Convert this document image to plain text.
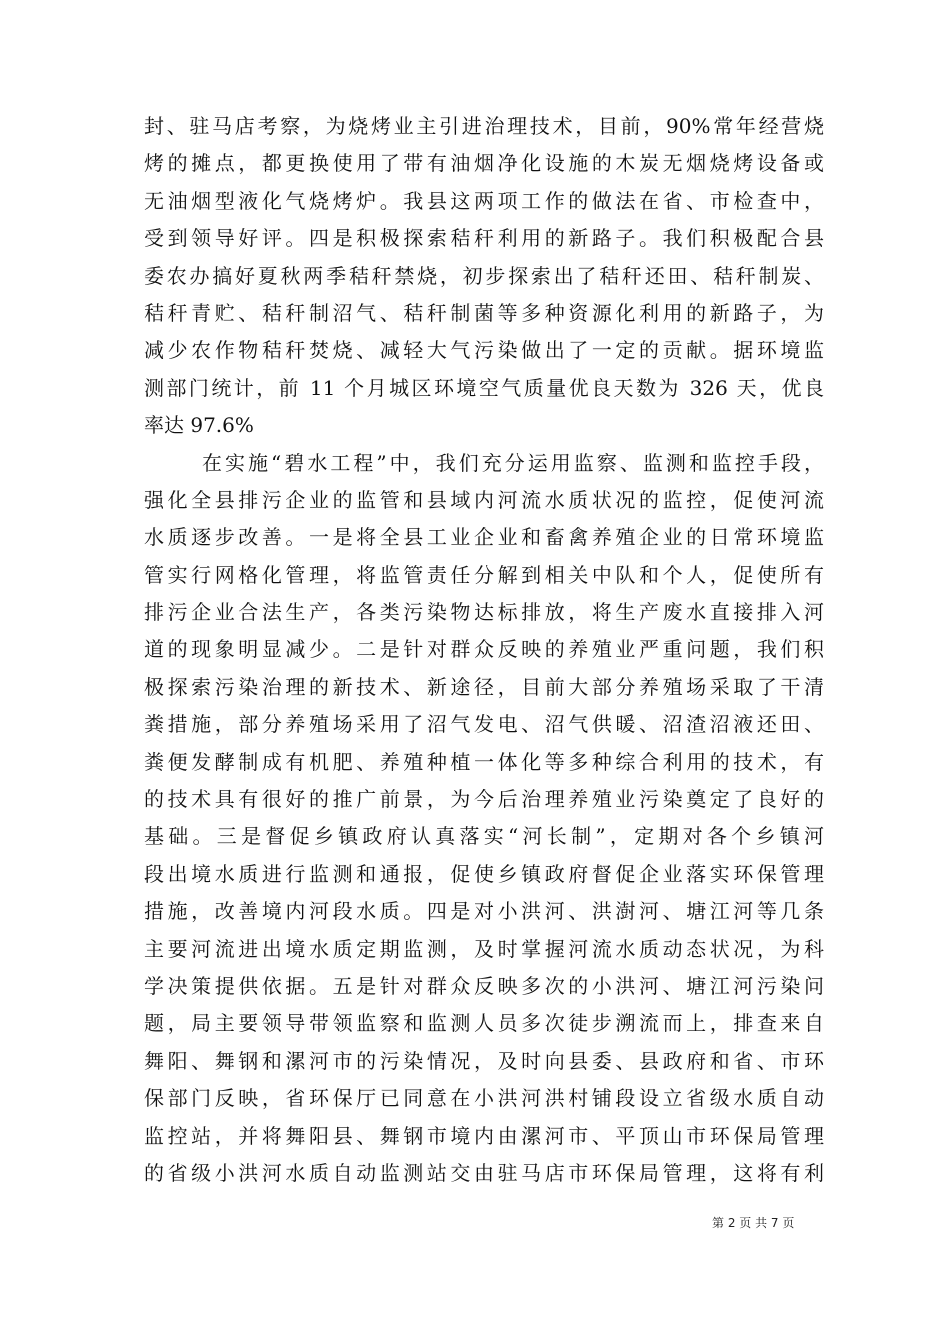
封、驻马店考察，为烧烤业主引进治理技术，目前，90%常年经营烧
烤的摊点，都更换使用了带有油烟净化设施的木炭无烟烧烤设备或
无油烟型液化气烧烤炉。我县这两项工作的做法在省、市检查中，
受到领导好评。四是积极探索秸秆利用的新路子。我们积极配合县
委农办搞好夏秋两季秸秆禁烧，初步探索出了秸秆还田、秸秆制炭、
秸秆青贮、秸秆制沼气、秸秆制菌等多种资源化利用的新路子，为
减少农作物秸秆焚烧、减轻大气污染做出了一定的贡献。据环境监
测部门统计，前 11 个月城区环境空气质量优良天数为 326 天，优良
率达 97.6%
在实施“碧水工程”中，我们充分运用监察、监测和监控手段，
强化全县排污企业的监管和县域内河流水质状况的监控，促使河流
水质逐步改善。一是将全县工业企业和畜禽养殖企业的日常环境监
管实行网格化管理，将监管责任分解到相关中队和个人，促使所有
排污企业合法生产，各类污染物达标排放，将生产废水直接排入河
道的现象明显减少。二是针对群众反映的养殖业严重问题，我们积
极探索污染治理的新技术、新途径，目前大部分养殖场采取了干清
粪措施，部分养殖场采用了沼气发电、沼气供暖、沼渣沼液还田、
粪便发酵制成有机肥、养殖种植一体化等多种综合利用的技术，有
的技术具有很好的推广前景，为今后治理养殖业污染奠定了良好的
基础。三是督促乡镇政府认真落实“河长制”，定期对各个乡镇河
段出境水质进行监测和通报，促使乡镇政府督促企业落实环保管理
措施，改善境内河段水质。四是对小洪河、洪澍河、塘江河等几条
主要河流进出境水质定期监测，及时掌握河流水质动态状况，为科
学决策提供依据。五是针对群众反映多次的小洪河、塘江河污染问
题，局主要领导带领监察和监测人员多次徒步溯流而上，排查来自
舞阳、舞钢和漯河市的污染情况，及时向县委、县政府和省、市环
保部门反映，省环保厅已同意在小洪河洪村铺段设立省级水质自动
监控站，并将舞阳县、舞钢市境内由漯河市、平顶山市环保局管理
的省级小洪河水质自动监测站交由驻马店市环保局管理，这将有利
第 2 页 共 7 页
